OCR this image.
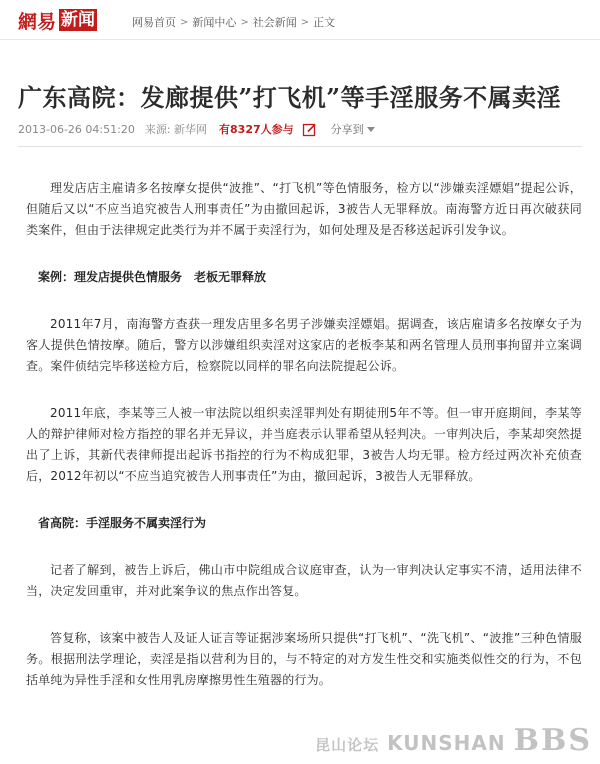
網易 新闻	网易首页 > 新闻中心 > 社会新闻 > 正文
广东高院：发廊提供”打飞机”等手淫服务不属卖淫
2013-06-26 04:51:20 来源: 新华网 有8327人参与	分享到
理发店店主雇请多名按摩女提供“波推”、“打飞机”等色情服务，检方以“涉嫌卖淫嫖娼”提起公诉，但随后又以“不应当追究被告人刑事责任”为由撤回起诉，3被告人无罪释放。南海警方近日再次破获同类案件，但由于法律规定此类行为并不属于卖淫行为，如何处理及是否移送起诉引发争议。
案例：理发店提供色情服务　老板无罪释放
2011年7月，南海警方查获一理发店里多名男子涉嫌卖淫嫖娼。据调查，该店雇请多名按摩女子为客人提供色情按摩。随后，警方以涉嫌组织卖淫对这家店的老板李某和两名管理人员刑事拘留并立案调查。案件侦结完毕移送检方后，检察院以同样的罪名向法院提起公诉。
2011年底，李某等三人被一审法院以组织卖淫罪判处有期徒刑5年不等。但一审开庭期间，李某等人的辩护律师对检方指控的罪名并无异议，并当庭表示认罪希望从轻判决。一审判决后，李某却突然提出了上诉，其新代表律师提出起诉书指控的行为不构成犯罪，3被告人均无罪。检方经过两次补充侦查后，2012年初以“不应当追究被告人刑事责任”为由，撤回起诉，3被告人无罪释放。
省高院：手淫服务不属卖淫行为
记者了解到，被告上诉后，佛山市中院组成合议庭审查，认为一审判决认定事实不清，适用法律不当，决定发回重审，并对此案争议的焦点作出答复。
答复称，该案中被告人及证人证言等证据涉案场所只提供“打飞机”、“洗飞机”、“波推”三种色情服务。根据刑法学理论，卖淫是指以营利为目的，与不特定的对方发生性交和实施类似性交的行为，不包括单纯为异性手淫和女性用乳房摩擦男性生殖器的行为。
昆山论坛 KUNSHAN BBS
